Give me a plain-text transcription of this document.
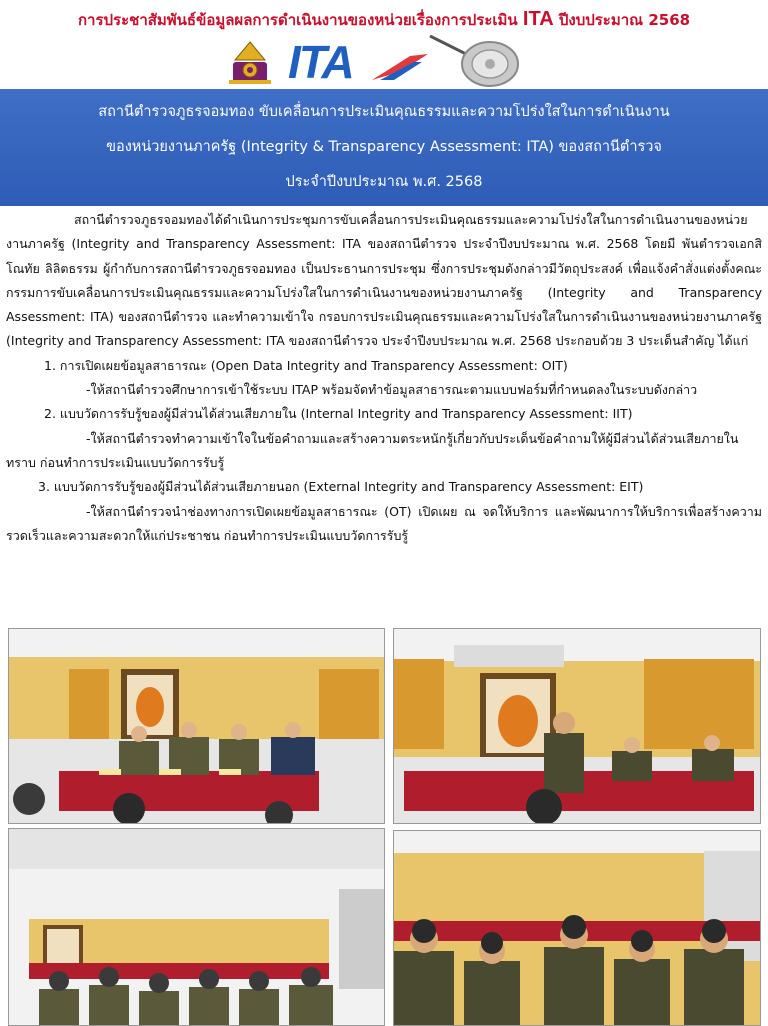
การประชาสัมพันธ์ข้อมูลผลการดำเนินงานของหน่วยเรื่องการประเมิน ITA ปีงบประมาณ 2568
ITA
สถานีตำรวจภูธรจอมทอง ขับเคลื่อนการประเมินคุณธรรมและความโปร่งใสในการดำเนินงาน
ของหน่วยงานภาครัฐ (Integrity & Transparency Assessment: ITA) ของสถานีตำรวจ
ประจำปีงบประมาณ พ.ศ. 2568

สถานีตำรวจภูธรจอมทองได้ดำเนินการประชุมการขับเคลื่อนการประเมินคุณธรรมและความโปร่งใสในการดำเนินงานของหน่วยงานภาครัฐ (Integrity and Transparency Assessment: ITA ของสถานีตำรวจ ประจำปีงบประมาณ พ.ศ. 2568 โดยมี พันตำรวจเอกสิโณทัย ลิลิตธรรม ผู้กำกับการสถานีตำรวจภูธรจอมทอง เป็นประธานการประชุม ซึ่งการประชุมดังกล่าวมีวัตถุประสงค์ เพื่อแจ้งคำสั่งแต่งตั้งคณะกรรมการขับเคลื่อนการประเมินคุณธรรมและความโปร่งใสในการดำเนินงานของหน่วยงานภาครัฐ (Integrity and Transparency Assessment: ITA) ของสถานีตำรวจ และทำความเข้าใจ กรอบการประเมินคุณธรรมและความโปร่งใสในการดำเนินงานของหน่วยงานภาครัฐ (Integrity and Transparency Assessment: ITA ของสถานีตำรวจ ประจำปีงบประมาณ พ.ศ. 2568 ประกอบด้วย 3 ประเด็นสำคัญ ได้แก่

1. การเปิดเผยข้อมูลสาธารณะ (Open Data Integrity and Transparency Assessment: OIT)

-ให้สถานีตำรวจศึกษาการเข้าใช้ระบบ ITAP พร้อมจัดทำข้อมูลสาธารณะตามแบบฟอร์มที่กำหนดลงในระบบดังกล่าว

2. แบบวัดการรับรู้ของผู้มีส่วนได้ส่วนเสียภายใน (Internal Integrity and Transparency Assessment: IIT)

-ให้สถานีตำรวจทำความเข้าใจในข้อคำถามและสร้างความตระหนักรู้เกี่ยวกับประเด็นข้อคำถามให้ผู้มีส่วนได้ส่วนเสียภายในทราบ ก่อนทำการประเมินแบบวัดการรับรู้

3. แบบวัดการรับรู้ของผู้มีส่วนได้ส่วนเสียภายนอก (External Integrity and Transparency Assessment: EIT)

-ให้สถานีตำรวจนำช่องทางการเปิดเผยข้อมูลสาธารณะ (OT) เปิดเผย ณ จดให้บริการ และพัฒนาการให้บริการเพื่อสร้างความรวดเร็วและความสะดวกให้แก่ประชาชน ก่อนทำการประเมินแบบวัดการรับรู้
